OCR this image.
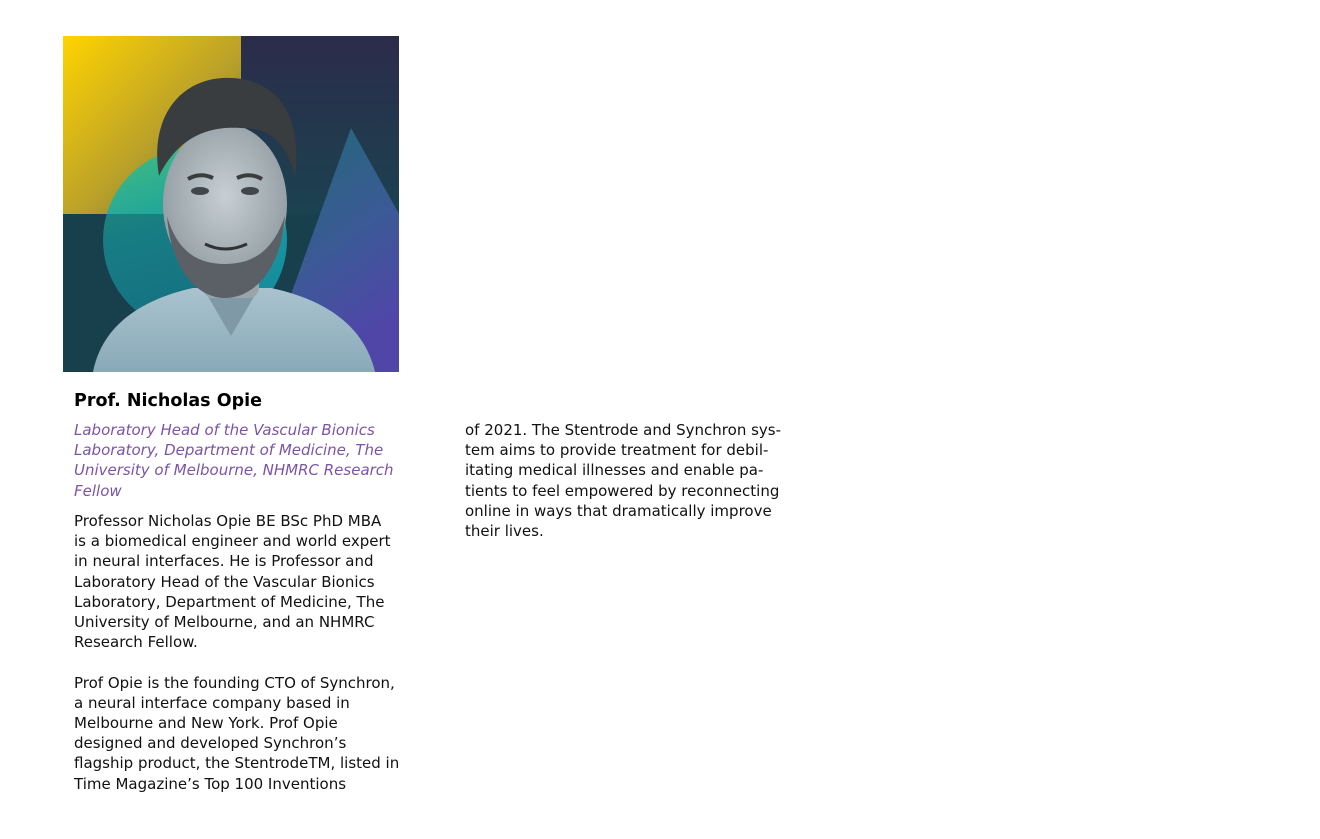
Prof. Nicholas Opie
Laboratory Head of the Vascular Bionics
Laboratory, Department of Medicine, The
University of Melbourne, NHMRC Research
Fellow

Professor Nicholas Opie BE BSc PhD MBA
is a biomedical engineer and world expert
in neural interfaces. He is Professor and
Laboratory Head of the Vascular Bionics
Laboratory, Department of Medicine, The
University of Melbourne, and an NHMRC
Research Fellow.

Prof Opie is the founding CTO of Synchron,
a neural interface company based in
Melbourne and New York. Prof Opie
designed and developed Synchron’s
flagship product, the StentrodeTM, listed in
Time Magazine’s Top 100 Inventions

of 2021. The Stentrode and Synchron sys-
tem aims to provide treatment for debil-
itating medical illnesses and enable pa-
tients to feel empowered by reconnecting
online in ways that dramatically improve
their lives.
